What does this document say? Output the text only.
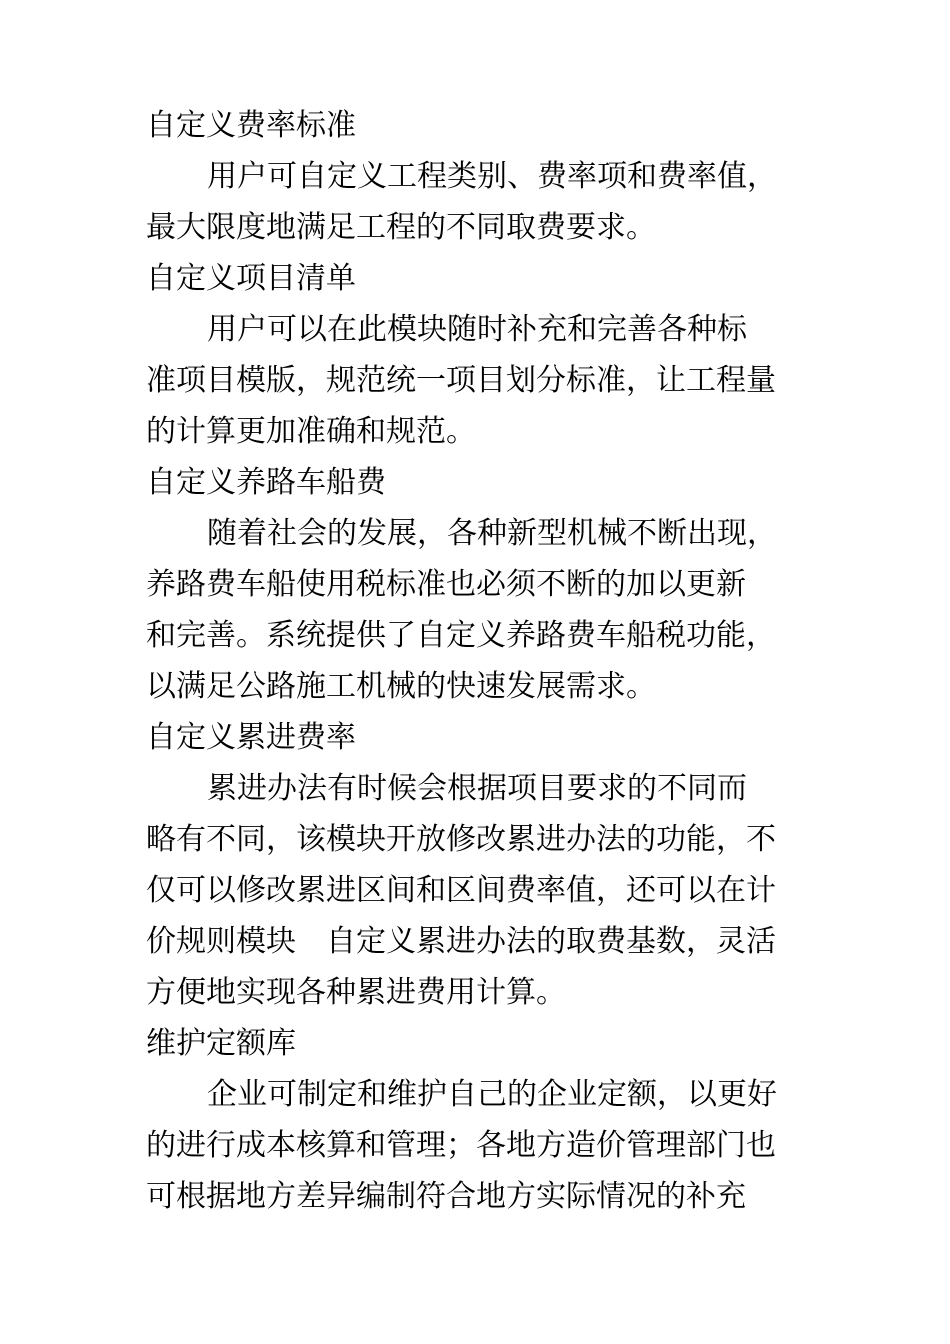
自定义费率标准

用户可自定义工程类别、费率项和费率值，
最大限度地满足工程的不同取费要求。

自定义项目清单

用户可以在此模块随时补充和完善各种标
准项目模版，规范统一项目划分标准，让工程量
的计算更加准确和规范。

自定义养路车船费

随着社会的发展，各种新型机械不断出现，
养路费车船使用税标准也必须不断的加以更新
和完善。系统提供了自定义养路费车船税功能，
以满足公路施工机械的快速发展需求。

自定义累进费率

累进办法有时候会根据项目要求的不同而
略有不同，该模块开放修改累进办法的功能，不
仅可以修改累进区间和区间费率值，还可以在计
价规则模块　自定义累进办法的取费基数，灵活
方便地实现各种累进费用计算。

维护定额库

企业可制定和维护自己的企业定额，以更好
的进行成本核算和管理；各地方造价管理部门也
可根据地方差异编制符合地方实际情况的补充
